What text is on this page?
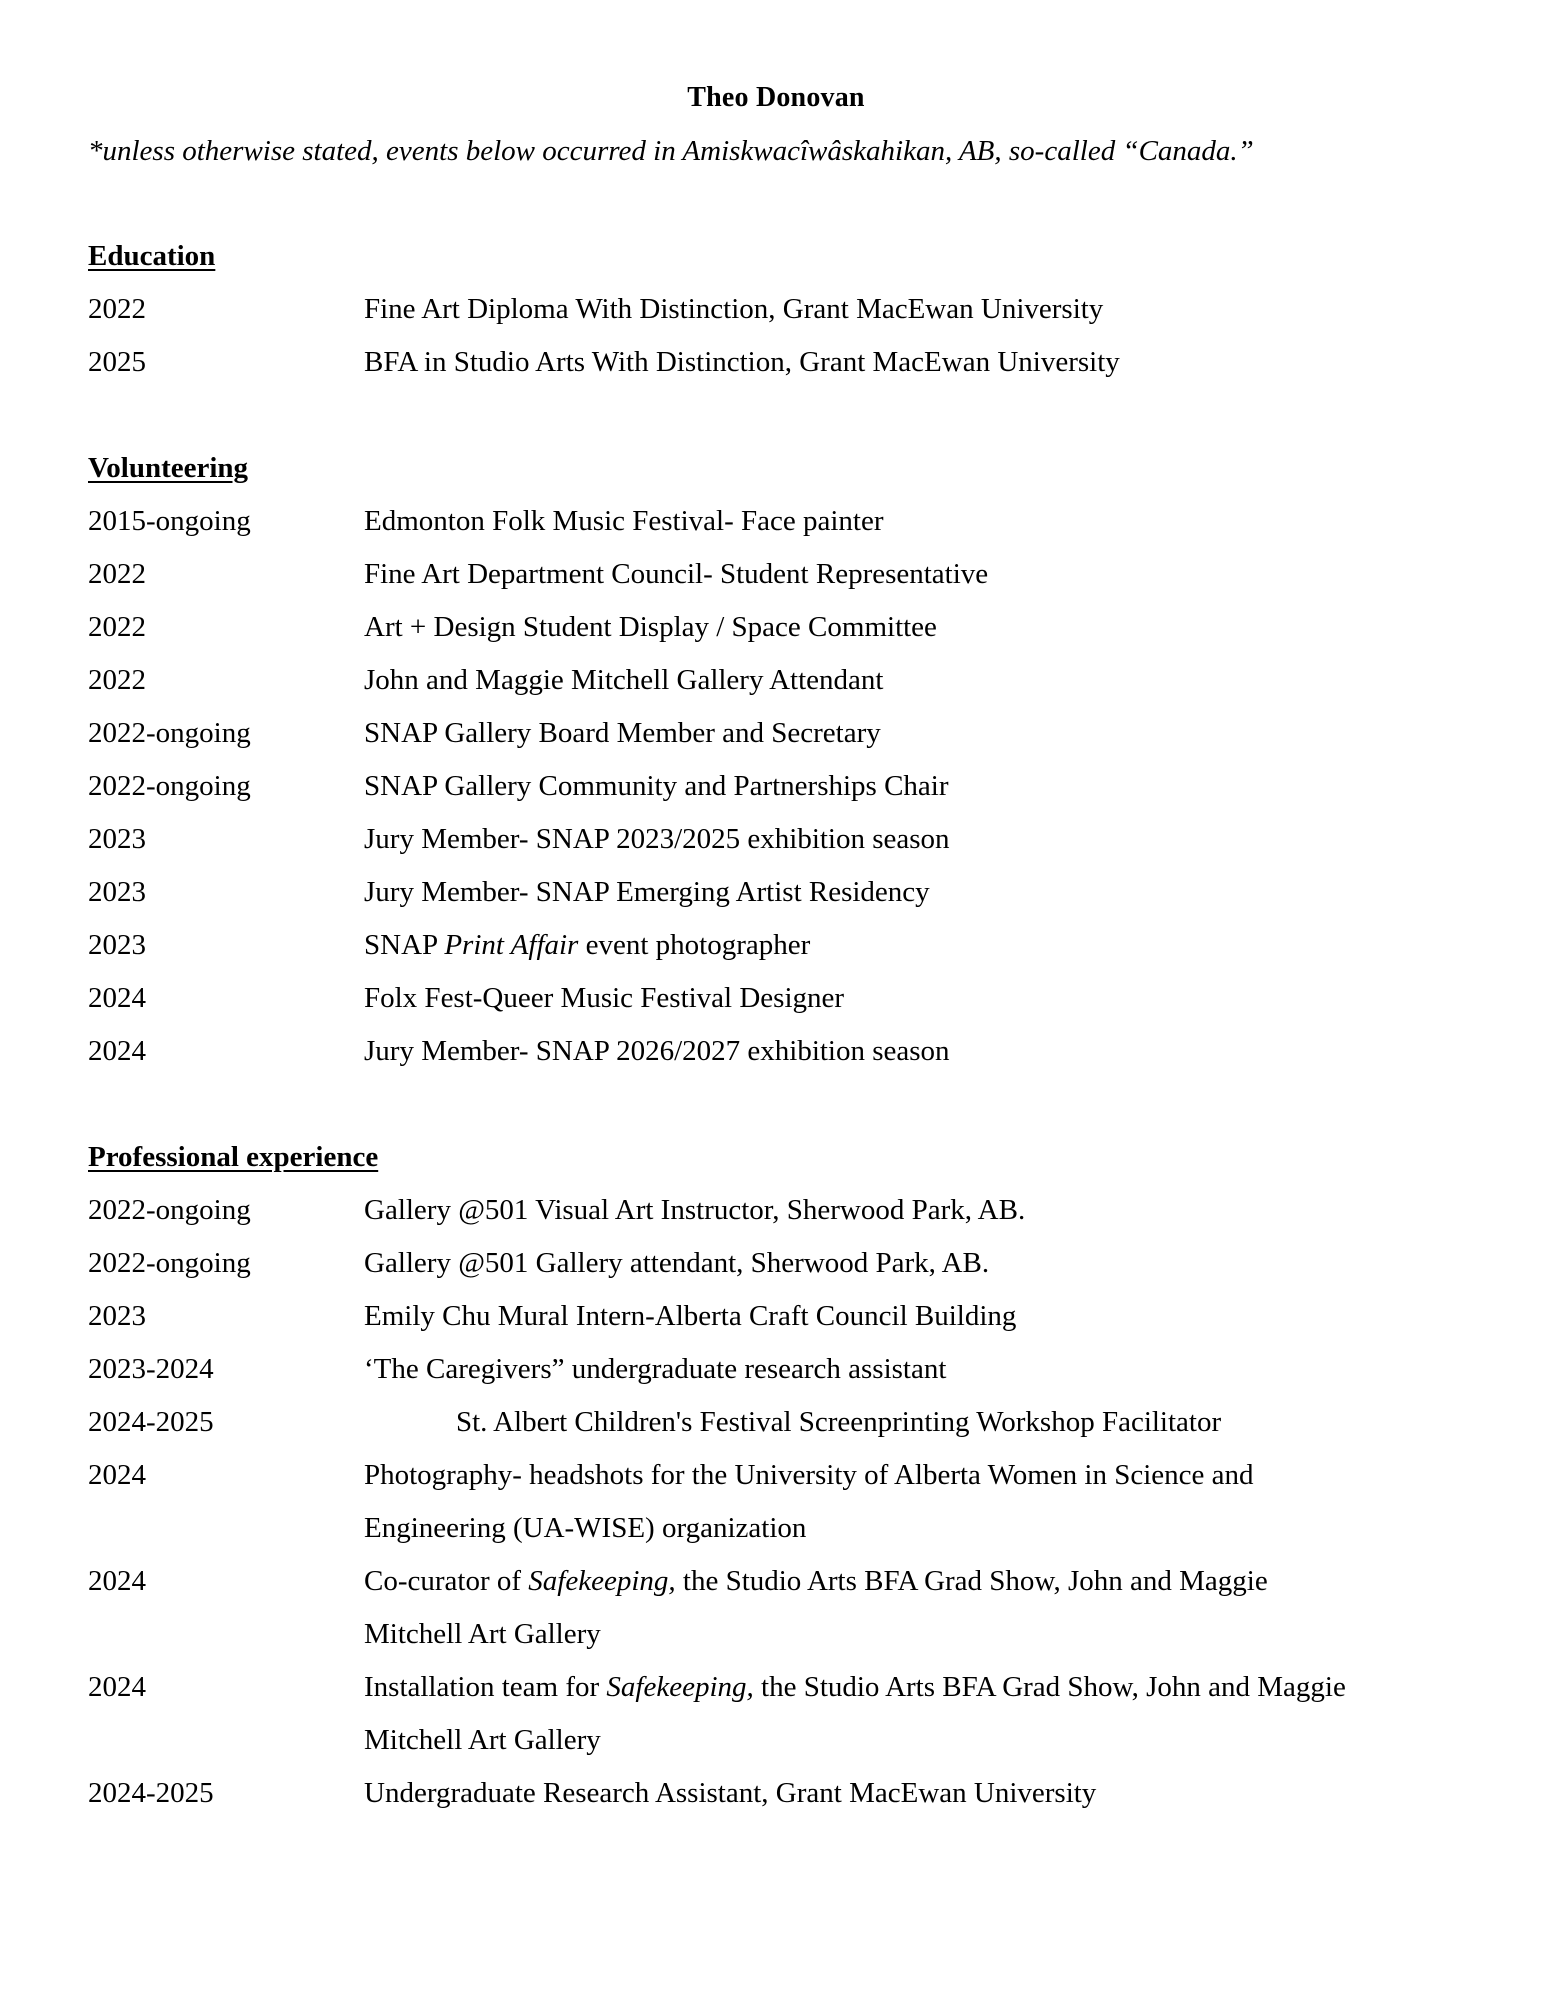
Theo Donovan
*unless otherwise stated, events below occurred in Amiskwacîwâskahikan, AB, so-called “Canada.”
Education
2022	Fine Art Diploma With Distinction, Grant MacEwan University
2025	BFA in Studio Arts With Distinction, Grant MacEwan University
Volunteering
2015-ongoing	Edmonton Folk Music Festival- Face painter
2022	Fine Art Department Council- Student Representative
2022	Art + Design Student Display / Space Committee
2022	John and Maggie Mitchell Gallery Attendant
2022-ongoing	SNAP Gallery Board Member and Secretary
2022-ongoing	SNAP Gallery Community and Partnerships Chair
2023	Jury Member- SNAP 2023/2025 exhibition season
2023	Jury Member- SNAP Emerging Artist Residency
2023	SNAP Print Affair event photographer
2024	Folx Fest-Queer Music Festival Designer
2024	Jury Member- SNAP 2026/2027 exhibition season
Professional experience
2022-ongoing	Gallery @501 Visual Art Instructor, Sherwood Park, AB.
2022-ongoing	Gallery @501 Gallery attendant, Sherwood Park, AB.
2023	Emily Chu Mural Intern-Alberta Craft Council Building
2023-2024	‘The Caregivers” undergraduate research assistant
2024-2025	St. Albert Children's Festival Screenprinting Workshop Facilitator
2024	Photography- headshots for the University of Alberta Women in Science and
Engineering (UA-WISE) organization
2024	Co-curator of Safekeeping, the Studio Arts BFA Grad Show, John and Maggie
Mitchell Art Gallery
2024	Installation team for Safekeeping, the Studio Arts BFA Grad Show, John and Maggie
Mitchell Art Gallery
2024-2025	Undergraduate Research Assistant, Grant MacEwan University
